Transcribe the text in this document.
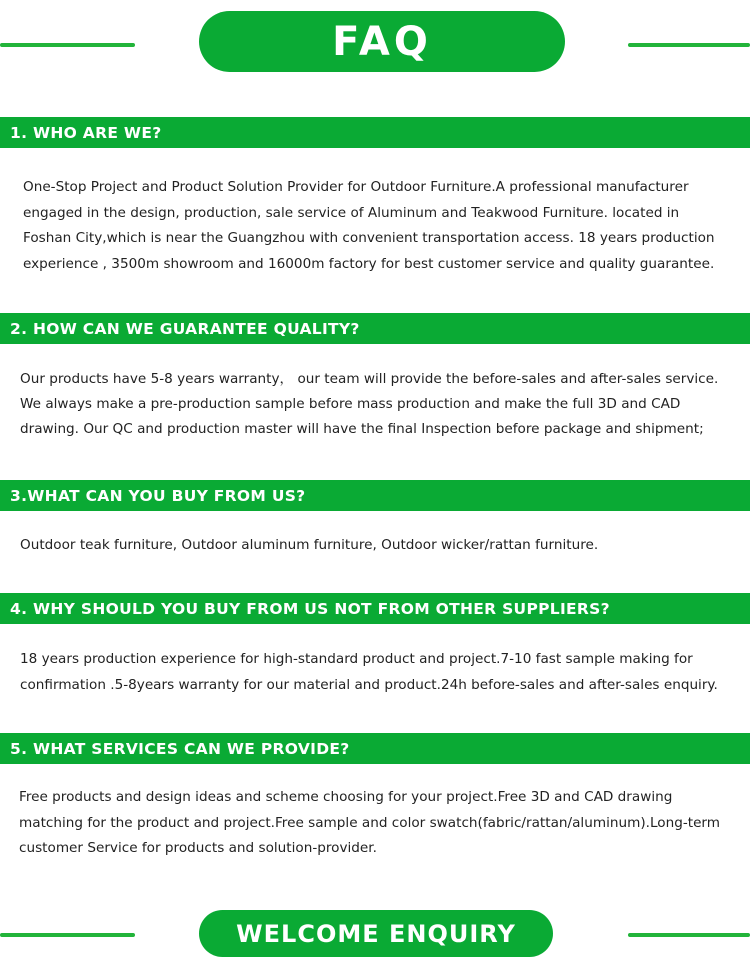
FAQ
1. WHO ARE WE?
One-Stop Project and Product Solution Provider for Outdoor Furniture.A professional manufacturer
engaged in the design, production, sale service of Aluminum and Teakwood Furniture. located in
Foshan City,which is near the Guangzhou with convenient transportation access. 18 years production
experience , 3500m showroom and 16000m factory for best customer service and quality guarantee.
2. HOW CAN WE GUARANTEE QUALITY?
Our products have 5-8 years warranty， our team will provide the before-sales and after-sales service.
We always make a pre-production sample before mass production and make the full 3D and CAD
drawing. Our QC and production master will have the final Inspection before package and shipment;
3.WHAT CAN YOU BUY FROM US?
Outdoor teak furniture, Outdoor aluminum furniture, Outdoor wicker/rattan furniture.
4. WHY SHOULD YOU BUY FROM US NOT FROM OTHER SUPPLIERS?
18 years production experience for high-standard product and project.7-10 fast sample making for
confirmation .5-8years warranty for our material and product.24h before-sales and after-sales enquiry.
5. WHAT SERVICES CAN WE PROVIDE?
Free products and design ideas and scheme choosing for your project.Free 3D and CAD drawing
matching for the product and project.Free sample and color swatch(fabric/rattan/aluminum).Long-term
customer Service for products and solution-provider.
WELCOME ENQUIRY
